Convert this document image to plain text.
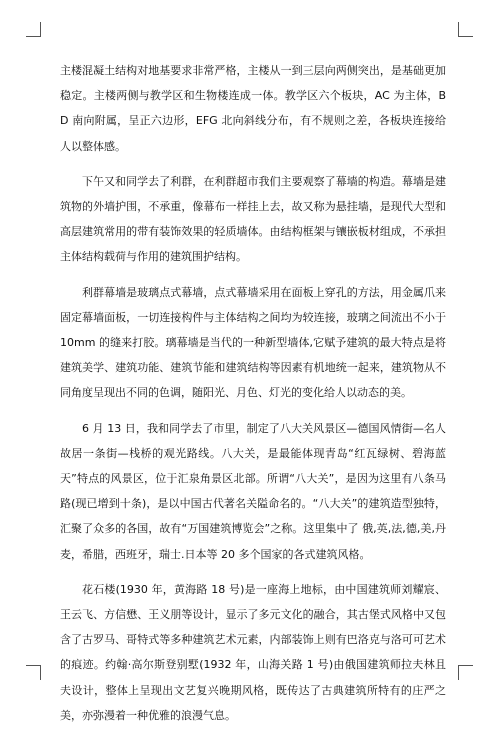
主楼混凝土结构对地基要求非常严格，主楼从一到三层向两侧突出，是基础更加稳定。主楼两侧与教学区和生物楼连成一体。教学区六个板块，AC 为主体，BD 南向附属，呈正六边形，EFG 北向斜线分布，有不规则之差，各板块连接给人以整体感。

下午又和同学去了利群，在利群超市我们主要观察了幕墙的构造。幕墙是建筑物的外墙护围，不承重，像幕布一样挂上去，故又称为悬挂墙，是现代大型和高层建筑常用的带有装饰效果的轻质墙体。由结构框架与镶嵌板材组成，不承担主体结构载荷与作用的建筑围护结构。

利群幕墙是玻璃点式幕墙，点式幕墙采用在面板上穿孔的方法，用金属爪来固定幕墙面板，一切连接构件与主体结构之间均为较连接，玻璃之间流出不小于 10mm 的缝来打胶。璃幕墙是当代的一种新型墙体,它赋予建筑的最大特点是将建筑美学、建筑功能、建筑节能和建筑结构等因素有机地统一起来，建筑物从不同角度呈现出不同的色调，随阳光、月色、灯光的变化给人以动态的美。

6 月 13 日，我和同学去了市里，制定了八大关风景区—德国风情街—名人故居一条街—栈桥的观光路线。八大关，是最能体现青岛“红瓦绿树、碧海蓝天”特点的风景区，位于汇泉角景区北部。所谓“八大关”，是因为这里有八条马路(现已增到十条)，是以中国古代著名关隘命名的。“八大关”的建筑造型独特，汇聚了众多的各国，故有“万国建筑博览会”之称。这里集中了 俄,英,法,德,美,丹麦，希腊，西班牙，瑞士.日本等 20 多个国家的各式建筑风格。

花石楼(1930 年，黄海路 18 号)是一座海上地标，由中国建筑师刘耀宸、王云飞、方信懋、王义朋等设计，显示了多元文化的融合，其古堡式风格中又包含了古罗马、哥特式等多种建筑艺术元素，内部装饰上则有巴洛克与洛可可艺术的痕迹。约翰·高尔斯登别墅(1932 年，山海关路 1 号)由俄国建筑师拉夫林且夫设计，整体上呈现出文艺复兴晚期风格，既传达了古典建筑所特有的庄严之美，亦弥漫着一种优雅的浪漫气息。
